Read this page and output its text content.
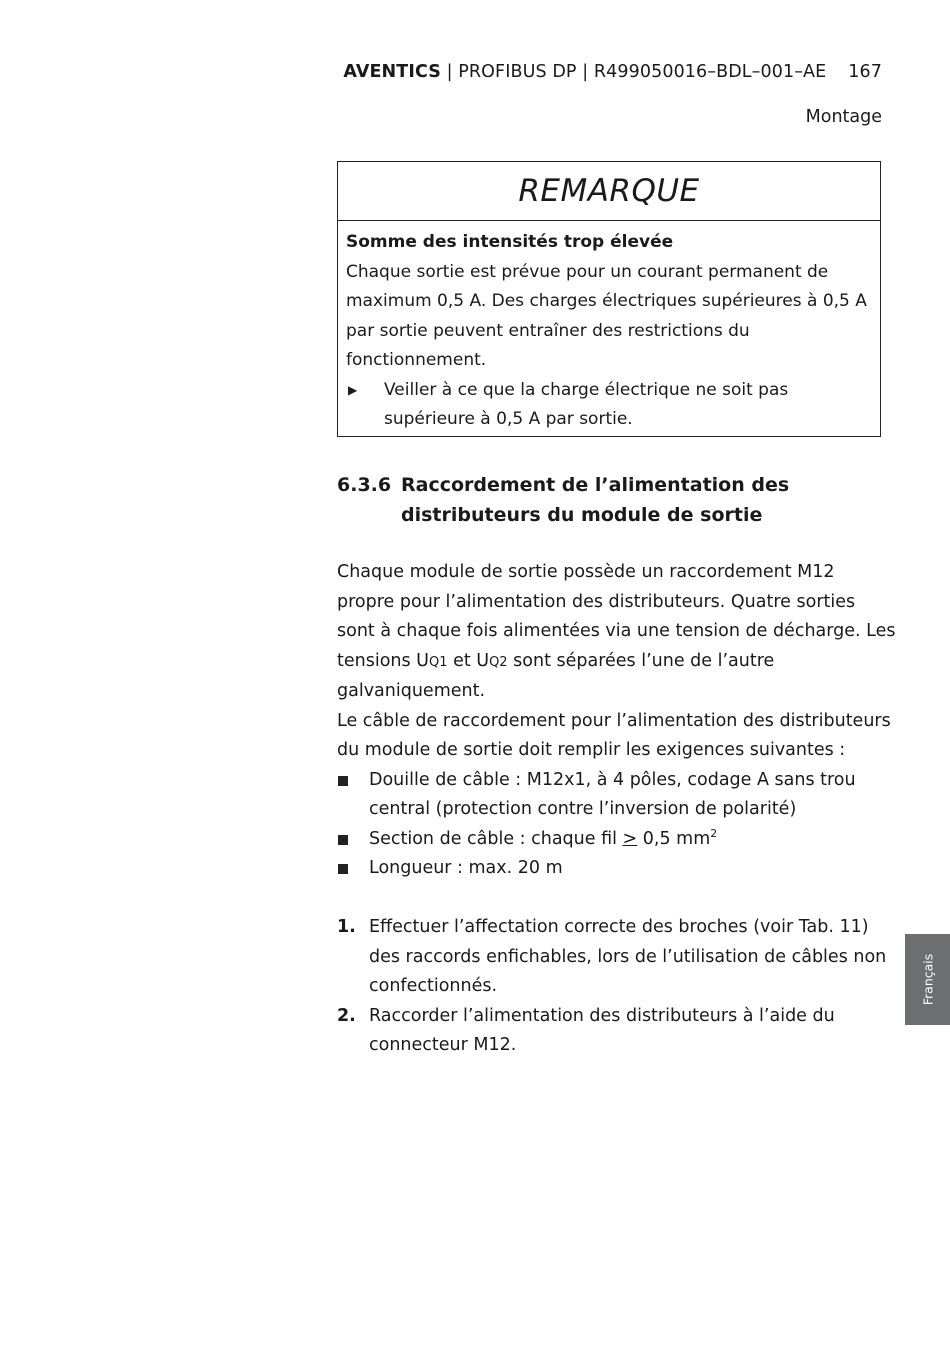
AVENTICS | PROFIBUS DP | R499050016–BDL–001–AE 167
Montage
REMARQUE
Somme des intensités trop élevée
Chaque sortie est prévue pour un courant permanent de maximum 0,5 A. Des charges électriques supérieures à 0,5 A par sortie peuvent entraîner des restrictions du fonctionnement.
▶	Veiller à ce que la charge électrique ne soit pas supérieure à 0,5 A par sortie.
6.3.6 Raccordement de l’alimentation des distributeurs du module de sortie

Chaque module de sortie possède un raccordement M12 propre pour l’alimentation des distributeurs. Quatre sorties sont à chaque fois alimentées via une tension de décharge. Les tensions UQ1 et UQ2 sont séparées l’une de l’autre galvaniquement.

Le câble de raccordement pour l’alimentation des distributeurs du module de sortie doit remplir les exigences suivantes :

Douille de câble : M12x1, à 4 pôles, codage A sans trou central (protection contre l’inversion de polarité)
Section de câble : chaque fil ≥ 0,5 $mm^2$
Longueur : max. 20 m
1. Effectuer l’affectation correcte des broches (voir Tab. 11) des raccords enfichables, lors de l’utilisation de câbles non confectionnés.
2. Raccorder l’alimentation des distributeurs à l’aide du connecteur M12.
Français
